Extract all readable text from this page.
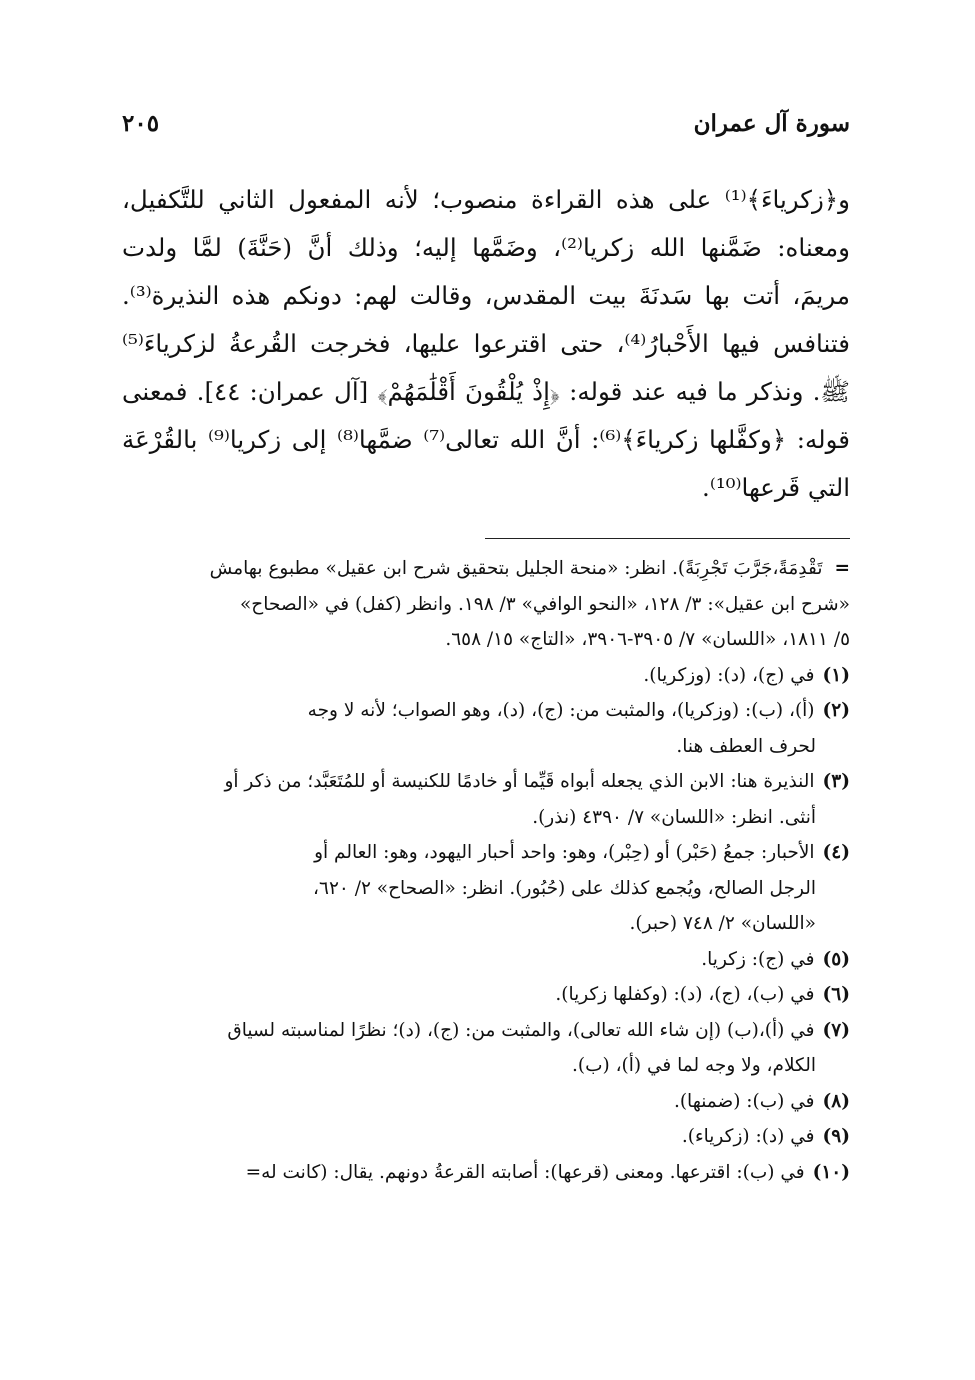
سورة آل عمران
٢٠٥
و﴿زكرياءَ﴾⁽¹⁾ على هذه القراءة منصوب؛ لأنه المفعول الثاني للتَّكفيل،
ومعناه: ضَمَّنها الله زكريا⁽²⁾، وضَمَّها إليه؛ وذلك أنَّ (حَنَّةَ) لمَّا ولدت
مريمَ، أتت بها سَدنَةَ بيت المقدس، وقالت لهم: دونكم هذه النذيرة⁽³⁾.
فتنافس فيها الأَحْبارُ⁽⁴⁾، حتى اقترعوا عليها، فخرجت القُرعةُ لزكرياءَ⁽⁵⁾
ﷺ. ونذكر ما فيه عند قوله: ﴿إِذْ يُلْقُونَ أَقْلَٰمَهُمْ﴾ [آل عمران: ٤٤]. فمعنى
قوله: ﴿وكفَّلها زكرياءَ﴾⁽⁶⁾: أنَّ الله تعالى⁽⁷⁾ ضمَّها⁽⁸⁾ إلى زكريا⁽⁹⁾ بالقُرْعَة
التي قَرعها⁽¹⁰⁾.
=تَقْدِمَةً،جَرَّبَ تَجْرِبَةً). انظر: «منحة الجليل بتحقيق شرح ابن عقيل» مطبوع بهامش
«شرح ابن عقيل»: ٣/ ١٢٨، «النحو الوافي» ٣/ ١٩٨. وانظر (كفل) في «الصحاح»
٥/ ١٨١١، «اللسان» ٧/ ٣٩٠٥-٣٩٠٦، «التاج» ١٥/ ٦٥٨.
(١)في (ج)، (د): (وزكريا).
(٢)(أ)، (ب): (وزكريا)، والمثبت من: (ج)، (د)، وهو الصواب؛ لأنه لا وجه
لحرف العطف هنا.
(٣)النذيرة هنا: الابن الذي يجعله أبواه قَيِّما أو خادمًا للكنيسة أو للمُتَعَبَّد؛ من ذكر أو
أنثى. انظر: «اللسان» ٧/ ٤٣٩٠ (نذر).
(٤)الأحبار: جمعُ (حَبْر) أو (حِبْر)، وهو: واحد أحبار اليهود، وهو: العالم أو
الرجل الصالح، ويُجمع كذلك على (حُبُور). انظر: «الصحاح» ٢/ ٦٢٠،
«اللسان» ٢/ ٧٤٨ (حبر).
(٥)في (ج): زكريا.
(٦)في (ب)، (ج)، (د): (وكفلها زكريا).
(٧)في (أ)،(ب) (إن شاء الله تعالى)، والمثبت من: (ج)، (د)؛ نظرًا لمناسبته لسياق
الكلام، ولا وجه لما في (أ)، (ب).
(٨)في (ب): (ضمنها).
(٩)في (د): (زكرياء).
(١٠)في (ب): اقترعها. ومعنى (قرعها): أصابته القرعةُ دونهم. يقال: (كانت له=
